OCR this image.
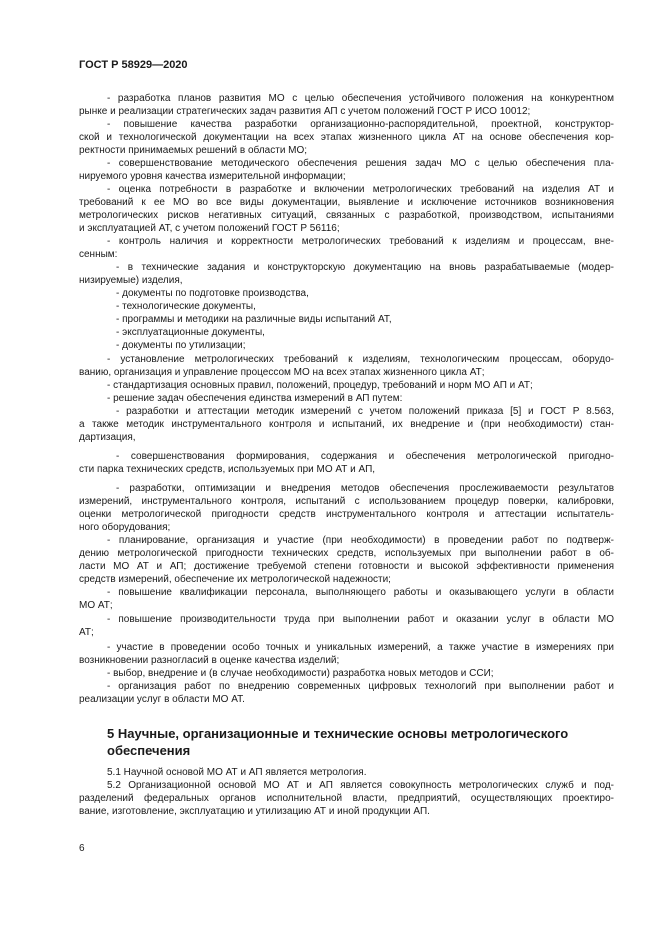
ГОСТ Р 58929—2020
- разработка планов развития МО с целью обеспечения устойчивого положения на конкурентном
рынке и реализации стратегических задач развития АП с учетом положений ГОСТ Р ИСО 10012;
- повышение качества разработки организационно-распорядительной, проектной, конструктор-
ской и технологической документации на всех этапах жизненного цикла АТ на основе обеспечения кор-
ректности принимаемых решений в области МО;
- совершенствование методического обеспечения решения задач МО с целью обеспечения пла-
нируемого уровня качества измерительной информации;
- оценка потребности в разработке и включении метрологических требований на изделия АТ и
требований к ее МО во все виды документации, выявление и исключение источников возникновения
метрологических рисков негативных ситуаций, связанных с разработкой, производством, испытаниями
и эксплуатацией АТ, с учетом положений ГОСТ Р 56116;
- контроль наличия и корректности метрологических требований к изделиям и процессам, вне-
сенным:
- в технические задания и конструкторскую документацию на вновь разрабатываемые (модер-
низируемые) изделия,
- документы по подготовке производства,
- технологические документы,
- программы и методики на различные виды испытаний АТ,
- эксплуатационные документы,
- документы по утилизации;
- установление метрологических требований к изделиям, технологическим процессам, оборудо-
ванию, организация и управление процессом МО на всех этапах жизненного цикла АТ;
- стандартизация основных правил, положений, процедур, требований и норм МО АП и АТ;
- решение задач обеспечения единства измерений в АП путем:
- разработки и аттестации методик измерений с учетом положений приказа [5] и ГОСТ Р 8.563,
а также методик инструментального контроля и испытаний, их внедрение и (при необходимости) стан-
дартизация,
- совершенствования формирования, содержания и обеспечения метрологической пригодно-
сти парка технических средств, используемых при МО АТ и АП,
- разработки, оптимизации и внедрения методов обеспечения прослеживаемости результатов
измерений, инструментального контроля, испытаний с использованием процедур поверки, калибровки,
оценки метрологической пригодности средств инструментального контроля и аттестации испытатель-
ного оборудования;
- планирование, организация и участие (при необходимости) в проведении работ по подтверж-
дению метрологической пригодности технических средств, используемых при выполнении работ в об-
ласти МО АТ и АП; достижение требуемой степени готовности и высокой эффективности применения
средств измерений, обеспечение их метрологической надежности;
- повышение квалификации персонала, выполняющего работы и оказывающего услуги в области
МО АТ;
- повышение производительности труда при выполнении работ и оказании услуг в области МО
АТ;
- участие в проведении особо точных и уникальных измерений, а также участие в измерениях при
возникновении разногласий в оценке качества изделий;
- выбор, внедрение и (в случае необходимости) разработка новых методов и ССИ;
- организация работ по внедрению современных цифровых технологий при выполнении работ и
реализации услуг в области МО АТ.
5 Научные, организационные и технические основы метрологического
обеспечения
5.1 Научной основой МО АТ и АП является метрология.
5.2 Организационной основой МО АТ и АП является совокупность метрологических служб и под-
разделений федеральных органов исполнительной власти, предприятий, осуществляющих проектиро-
вание, изготовление, эксплуатацию и утилизацию АТ и иной продукции АП.
6
